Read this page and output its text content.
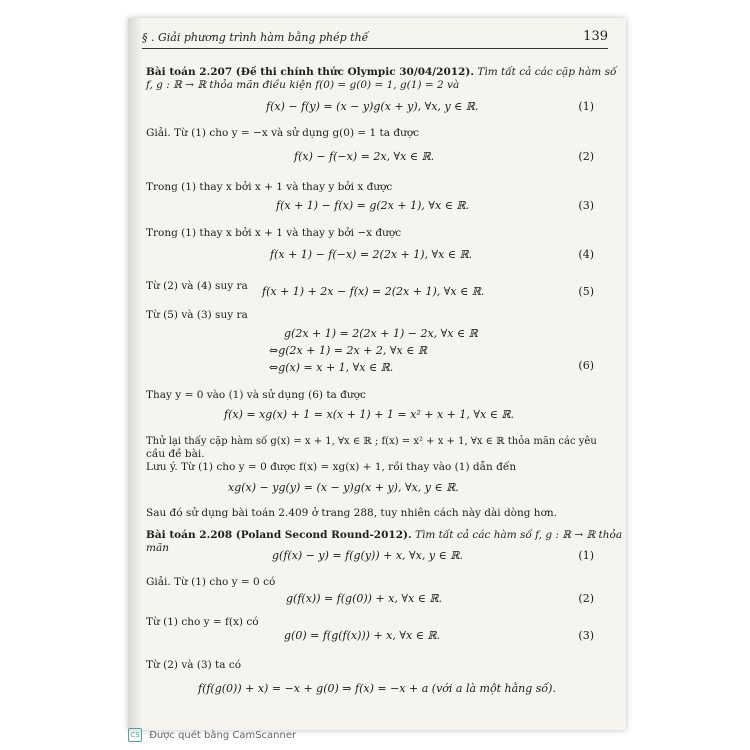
§ . Giải phương trình hàm bằng phép thế	139
Bài toán 2.207 (Đề thi chính thức Olympic 30/04/2012). Tìm tất cả các cặp hàm số
f, g : ℝ → ℝ thỏa mãn điều kiện f(0) = g(0) = 1, g(1) = 2 và
f(x) − f(y) = (x − y)g(x + y), ∀x, y ∈ ℝ.	(1)
Giải. Từ (1) cho y = −x và sử dụng g(0) = 1 ta được
f(x) − f(−x) = 2x, ∀x ∈ ℝ.	(2)
Trong (1) thay x bởi x + 1 và thay y bởi x được
f(x + 1) − f(x) = g(2x + 1), ∀x ∈ ℝ.	(3)
Trong (1) thay x bởi x + 1 và thay y bởi −x được
f(x + 1) − f(−x) = 2(2x + 1), ∀x ∈ ℝ.	(4)
Từ (2) và (4) suy ra	f(x + 1) + 2x − f(x) = 2(2x + 1), ∀x ∈ ℝ.	(5)
Từ (5) và (3) suy ra
g(2x + 1) = 2(2x + 1) − 2x, ∀x ∈ ℝ
⇔g(2x + 1) = 2x + 2, ∀x ∈ ℝ
⇔g(x) = x + 1, ∀x ∈ ℝ.	(6)
Thay y = 0 vào (1) và sử dụng (6) ta được
f(x) = xg(x) + 1 = x(x + 1) + 1 = x² + x + 1, ∀x ∈ ℝ.
Thử lại thấy cặp hàm số g(x) = x + 1, ∀x ∈ ℝ ; f(x) = x² + x + 1, ∀x ∈ ℝ thỏa mãn các yêu
cầu đề bài.
Lưu ý. Từ (1) cho y = 0 được f(x) = xg(x) + 1, rồi thay vào (1) dẫn đến
xg(x) − yg(y) = (x − y)g(x + y), ∀x, y ∈ ℝ.
Sau đó sử dụng bài toán 2.409 ở trang 288, tuy nhiên cách này dài dòng hơn.
Bài toán 2.208 (Poland Second Round-2012). Tìm tất cả các hàm số f, g : ℝ → ℝ thỏa
mãn
g(f(x) − y) = f(g(y)) + x, ∀x, y ∈ ℝ.	(1)
Giải. Từ (1) cho y = 0 có
g(f(x)) = f(g(0)) + x, ∀x ∈ ℝ.	(2)
Từ (1) cho y = f(x) có
g(0) = f(g(f(x))) + x, ∀x ∈ ℝ.	(3)
Từ (2) và (3) ta có
f(f(g(0)) + x) = −x + g(0) ⇒ f(x) = −x + a (với a là một hằng số).
CS Được quét bằng CamScanner
